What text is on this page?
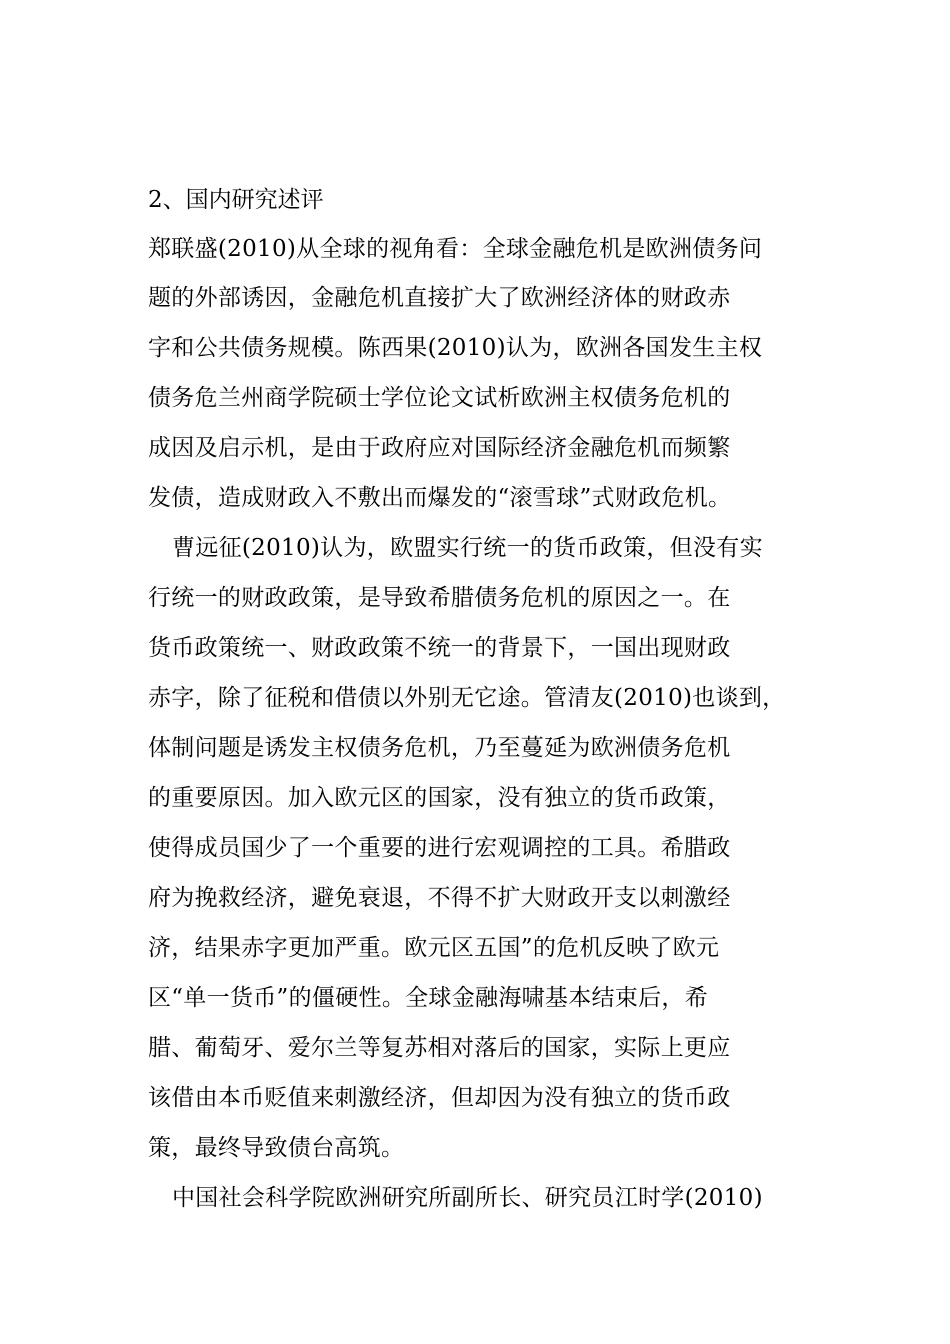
2、国内研究述评
郑联盛(2010)从全球的视角看：全球金融危机是欧洲债务问
题的外部诱因，金融危机直接扩大了欧洲经济体的财政赤
字和公共债务规模。陈西果(2010)认为，欧洲各国发生主权
债务危兰州商学院硕士学位论文试析欧洲主权债务危机的
成因及启示机，是由于政府应对国际经济金融危机而频繁
发债，造成财政入不敷出而爆发的“滚雪球”式财政危机。
曹远征(2010)认为，欧盟实行统一的货币政策，但没有实
行统一的财政政策，是导致希腊债务危机的原因之一。在
货币政策统一、财政政策不统一的背景下，一国出现财政
赤字，除了征税和借债以外别无它途。管清友(2010)也谈到，
体制问题是诱发主权债务危机，乃至蔓延为欧洲债务危机
的重要原因。加入欧元区的国家，没有独立的货币政策，
使得成员国少了一个重要的进行宏观调控的工具。希腊政
府为挽救经济，避免衰退，不得不扩大财政开支以刺激经
济，结果赤字更加严重。欧元区五国”的危机反映了欧元
区“单一货币”的僵硬性。全球金融海啸基本结束后，希
腊、葡萄牙、爱尔兰等复苏相对落后的国家，实际上更应
该借由本币贬值来刺激经济，但却因为没有独立的货币政
策，最终导致债台高筑。
中国社会科学院欧洲研究所副所长、研究员江时学(2010)
